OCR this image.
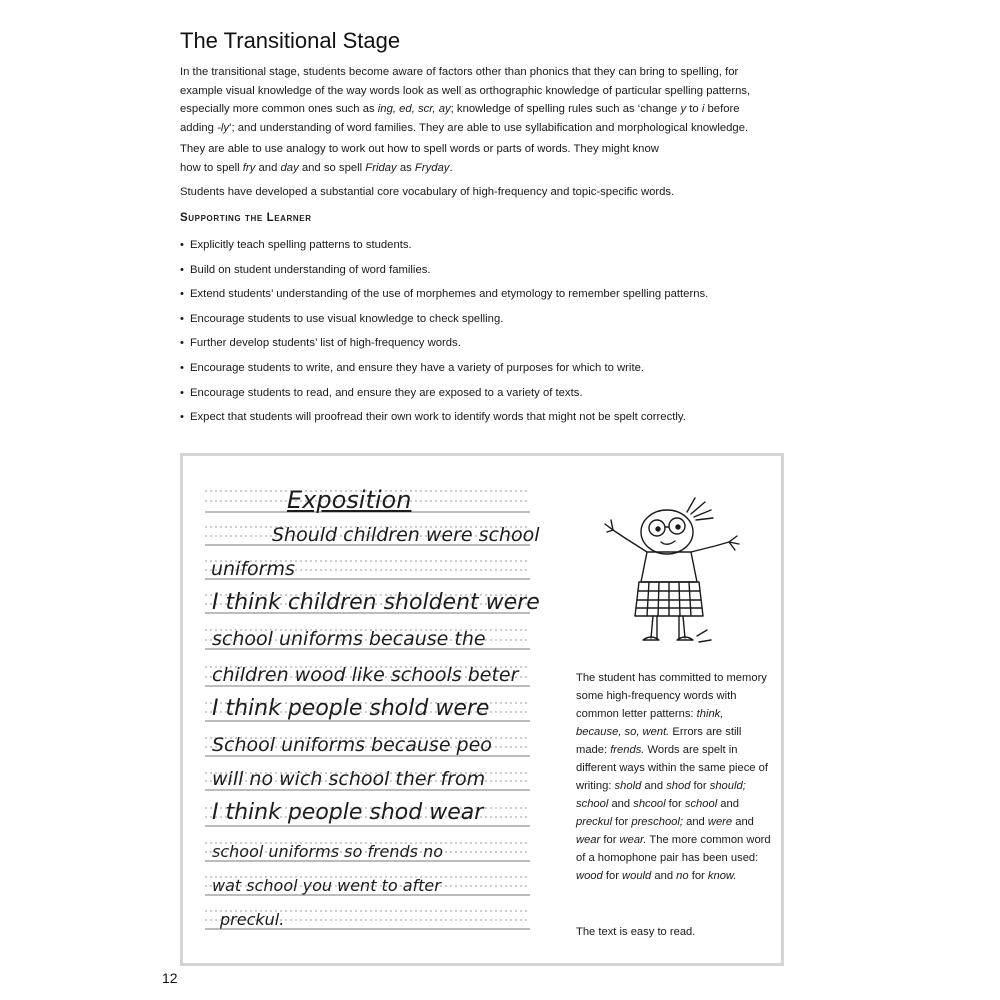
The Transitional Stage

In the transitional stage, students become aware of factors other than phonics that they can bring to spelling, for
example visual knowledge of the way words look as well as orthographic knowledge of particular spelling patterns,
especially more common ones such as ing, ed, scr, ay; knowledge of spelling rules such as ‘change y to i before
adding -ly’; and understanding of word families. They are able to use syllabification and morphological knowledge.

They are able to use analogy to work out how to spell words or parts of words. They might know
how to spell fry and day and so spell Friday as Fryday.

Students have developed a substantial core vocabulary of high-frequency and topic-specific words.

Supporting the Learner
• Explicitly teach spelling patterns to students.
• Build on student understanding of word families.
• Extend students’ understanding of the use of morphemes and etymology to remember spelling patterns.
• Encourage students to use visual knowledge to check spelling.
• Further develop students’ list of high-frequency words.
• Encourage students to write, and ensure they have a variety of purposes for which to write.
• Encourage students to read, and ensure they are exposed to a variety of texts.
• Expect that students will proofread their own work to identify words that might not be spelt correctly.
Exposition
Should children were school
uniforms
I think children sholdent were
school uniforms because the
children wood like schools beter
I think people shold were
School uniforms because peo
will no wich school ther from
I think people shod wear
school uniforms so frends no
wat school you went to after
preckul.

The student has committed to memory some high-frequency words with common letter patterns: think, because, so, went. Errors are still made: frends. Words are spelt in different ways within the same piece of writing: shold and shod for should; school and shcool for school and preckul for preschool; and were and wear for wear. The more common word of a homophone pair has been used: wood for would and no for know.

The text is easy to read.

12
